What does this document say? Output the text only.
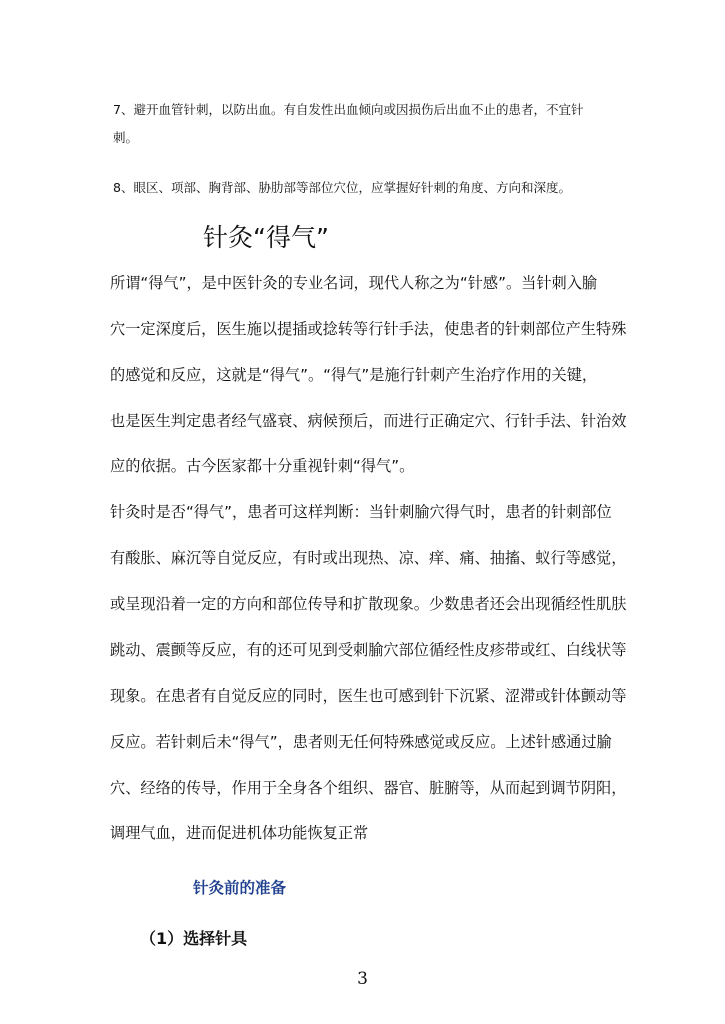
7、避开血管针刺，以防出血。有自发性出血倾向或因损伤后出血不止的患者，不宜针

刺。

8、眼区、项部、胸背部、胁肋部等部位穴位，应掌握好针刺的角度、方向和深度。

针灸“得气”

所谓“得气”，是中医针灸的专业名词，现代人称之为“针感”。当针刺入腧

穴一定深度后，医生施以提插或捻转等行针手法，使患者的针刺部位产生特殊

的感觉和反应，这就是“得气”。“得气”是施行针刺产生治疗作用的关键，

也是医生判定患者经气盛衰、病候预后，而进行正确定穴、行针手法、针治效

应的依据。古今医家都十分重视针刺“得气”。

针灸时是否“得气”，患者可这样判断：当针刺腧穴得气时，患者的针刺部位

有酸胀、麻沉等自觉反应，有时或出现热、凉、痒、痛、抽搐、蚁行等感觉，

或呈现沿着一定的方向和部位传导和扩散现象。少数患者还会出现循经性肌肤

跳动、震颤等反应，有的还可见到受刺腧穴部位循经性皮疹带或红、白线状等

现象。在患者有自觉反应的同时，医生也可感到针下沉紧、涩滞或针体颤动等

反应。若针刺后未“得气”，患者则无任何特殊感觉或反应。上述针感通过腧

穴、经络的传导，作用于全身各个组织、器官、脏腑等，从而起到调节阴阳，

调理气血，进而促进机体功能恢复正常

针灸前的准备
（1）选择针具
3
